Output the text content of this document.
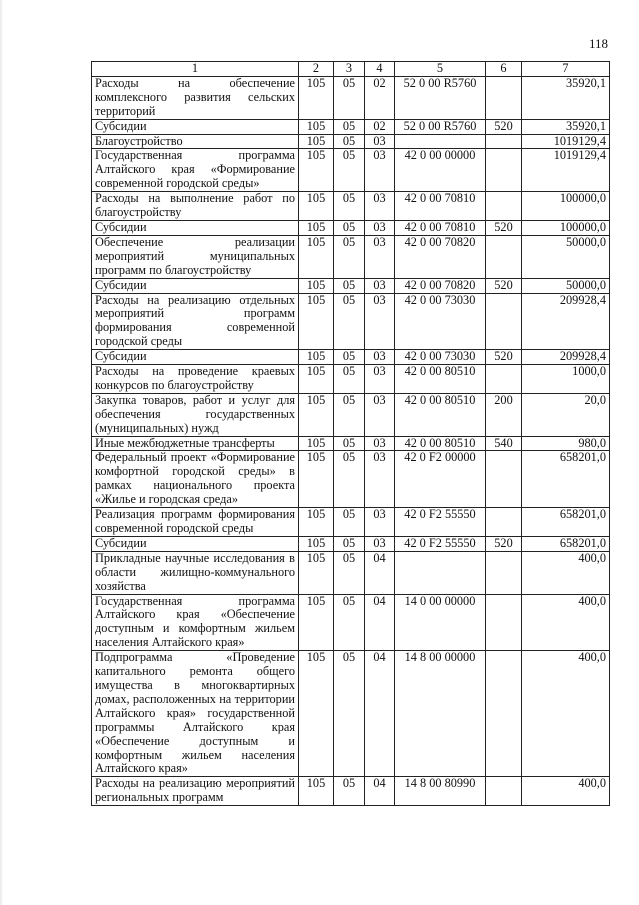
118
1	2	3	4	5	6	7
Расходы на обеспечение комплексного развития сельских территорий	105	05	02	52 0 00 R5760		35920,1
Субсидии	105	05	02	52 0 00 R5760	520	35920,1
Благоустройство	105	05	03			1019129,4
Государственная программа Алтайского края «Формирование современной городской среды»	105	05	03	42 0 00 00000		1019129,4
Расходы на выполнение работ по благоустройству	105	05	03	42 0 00 70810		100000,0
Субсидии	105	05	03	42 0 00 70810	520	100000,0
Обеспечение реализации мероприятий муниципальных программ по благоустройству	105	05	03	42 0 00 70820		50000,0
Субсидии	105	05	03	42 0 00 70820	520	50000,0
Расходы на реализацию отдельных мероприятий программ формирования современной городской среды	105	05	03	42 0 00 73030		209928,4
Субсидии	105	05	03	42 0 00 73030	520	209928,4
Расходы на проведение краевых конкурсов по благоустройству	105	05	03	42 0 00 80510		1000,0
Закупка товаров, работ и услуг для обеспечения государственных (муниципальных) нужд	105	05	03	42 0 00 80510	200	20,0
Иные межбюджетные трансферты	105	05	03	42 0 00 80510	540	980,0
Федеральный проект «Формирование комфортной городской среды» в рамках национального проекта «Жилье и городская среда»	105	05	03	42 0 F2 00000		658201,0
Реализация программ формирования современной городской среды	105	05	03	42 0 F2 55550		658201,0
Субсидии	105	05	03	42 0 F2 55550	520	658201,0
Прикладные научные исследования в области жилищно-коммунального хозяйства	105	05	04			400,0
Государственная программа Алтайского края «Обеспечение доступным и комфортным жильем населения Алтайского края»	105	05	04	14 0 00 00000		400,0
Подпрограмма «Проведение капитального ремонта общего имущества в многоквартирных домах, расположенных на территории Алтайского края» государственной программы Алтайского края «Обеспечение доступным и комфортным жильем населения Алтайского края»	105	05	04	14 8 00 00000		400,0
Расходы на реализацию мероприятий региональных программ	105	05	04	14 8 00 80990		400,0
